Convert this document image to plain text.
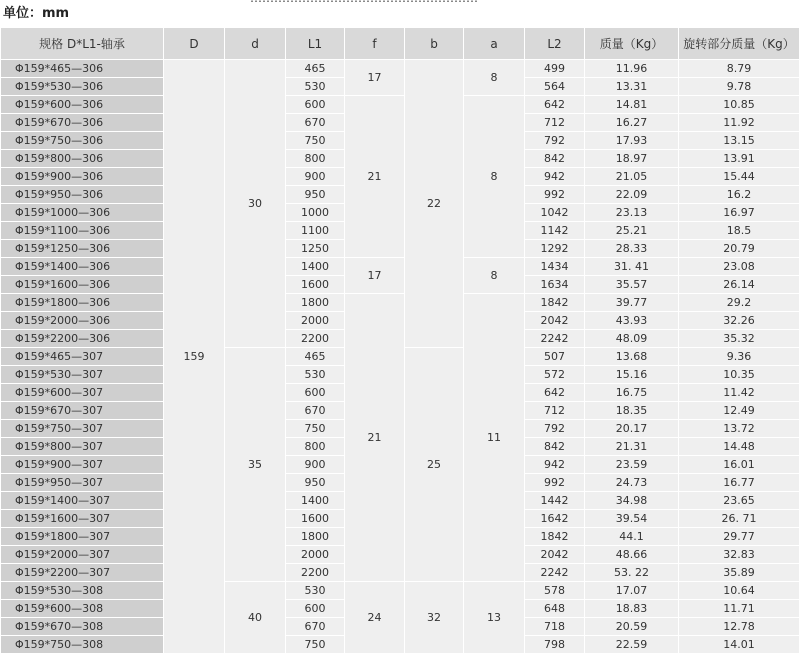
单位：mm
规格 D*L1-轴承	D	d	L1	f	b	a	L2	质量（Kg）	旋转部分质量（Kg）
Φ159*465—306	159	30	465	17	22	8	499	11.96	8.79
Φ159*530—306			530				564	13.31	9.78
Φ159*600—306			600	21		8	642	14.81	10.85
Φ159*670—306			670				712	16.27	11.92
Φ159*750—306			750				792	17.93	13.15
Φ159*800—306			800				842	18.97	13.91
Φ159*900—306			900				942	21.05	15.44
Φ159*950—306			950				992	22.09	16.2
Φ159*1000—306			1000				1042	23.13	16.97
Φ159*1100—306			1100				1142	25.21	18.5
Φ159*1250—306			1250				1292	28.33	20.79
Φ159*1400—306			1400	17		8	1434	31. 41	23.08
Φ159*1600—306			1600				1634	35.57	26.14
Φ159*1800—306			1800	21		11	1842	39.77	29.2
Φ159*2000—306			2000				2042	43.93	32.26
Φ159*2200—306			2200				2242	48.09	35.32
Φ159*465—307		35	465		25		507	13.68	9.36
Φ159*530—307			530				572	15.16	10.35
Φ159*600—307			600				642	16.75	11.42
Φ159*670—307			670				712	18.35	12.49
Φ159*750—307			750				792	20.17	13.72
Φ159*800—307			800				842	21.31	14.48
Φ159*900—307			900				942	23.59	16.01
Φ159*950—307			950				992	24.73	16.77
Φ159*1400—307			1400				1442	34.98	23.65
Φ159*1600—307			1600				1642	39.54	26. 71
Φ159*1800—307			1800				1842	44.1	29.77
Φ159*2000—307			2000				2042	48.66	32.83
Φ159*2200—307			2200				2242	53. 22	35.89
Φ159*530—308		40	530	24	32	13	578	17.07	10.64
Φ159*600—308			600				648	18.83	11.71
Φ159*670—308			670				718	20.59	12.78
Φ159*750—308			750				798	22.59	14.01
